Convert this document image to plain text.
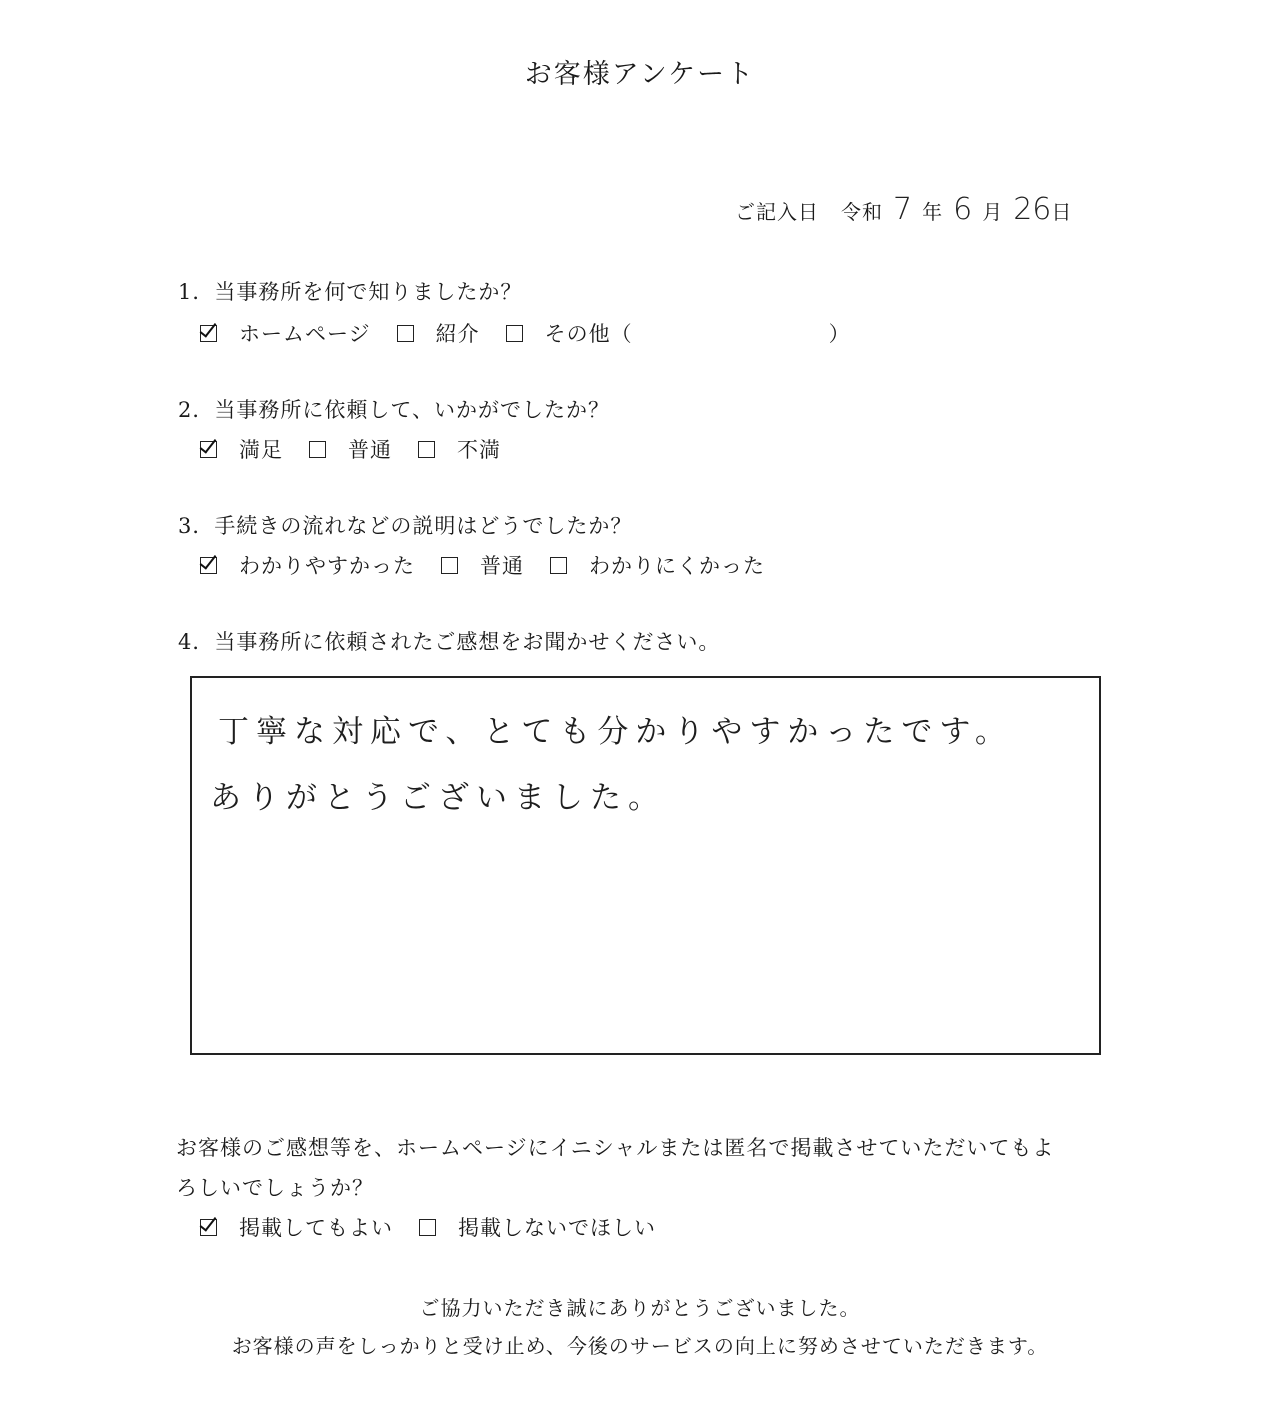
お客様アンケート
ご記入日 令和 7 年 6 月 26 日
1．当事務所を何で知りましたか？
ホームページ	紹介	その他（	）
2．当事務所に依頼して、いかがでしたか？
満足	普通	不満
3．手続きの流れなどの説明はどうでしたか？
わかりやすかった	普通	わかりにくかった
4．当事務所に依頼されたご感想をお聞かせください。
丁寧な対応で、とても分かりやすかったです。
ありがとうございました。
お客様のご感想等を、ホームページにイニシャルまたは匿名で掲載させていただいてもよ
ろしいでしょうか？
掲載してもよい	掲載しないでほしい
ご協力いただき誠にありがとうございました。
お客様の声をしっかりと受け止め、今後のサービスの向上に努めさせていただきます。
